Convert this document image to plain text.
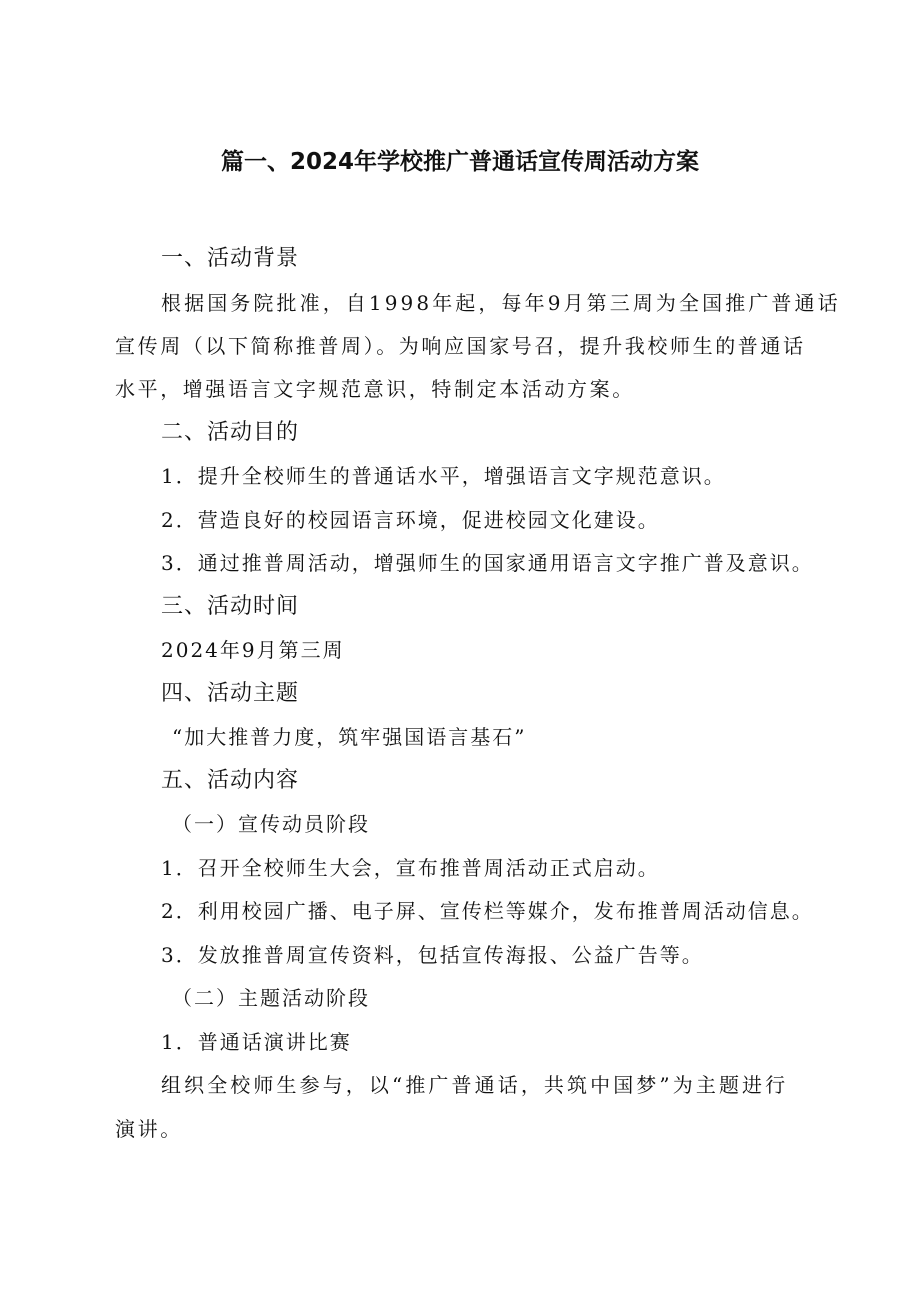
篇一、2024年学校推广普通话宣传周活动方案
一、活动背景
根据国务院批准，自1998年起，每年9月第三周为全国推广普通话
宣传周（以下简称推普周）。为响应国家号召，提升我校师生的普通话
水平，增强语言文字规范意识，特制定本活动方案。
二、活动目的
1．提升全校师生的普通话水平，增强语言文字规范意识。
2．营造良好的校园语言环境，促进校园文化建设。
3．通过推普周活动，增强师生的国家通用语言文字推广普及意识。
三、活动时间
2024年9月第三周
四、活动主题
“加大推普力度，筑牢强国语言基石”
五、活动内容
（一）宣传动员阶段
1．召开全校师生大会，宣布推普周活动正式启动。
2．利用校园广播、电子屏、宣传栏等媒介，发布推普周活动信息。
3．发放推普周宣传资料，包括宣传海报、公益广告等。
（二）主题活动阶段
1．普通话演讲比赛
组织全校师生参与，以“推广普通话，共筑中国梦”为主题进行
演讲。
